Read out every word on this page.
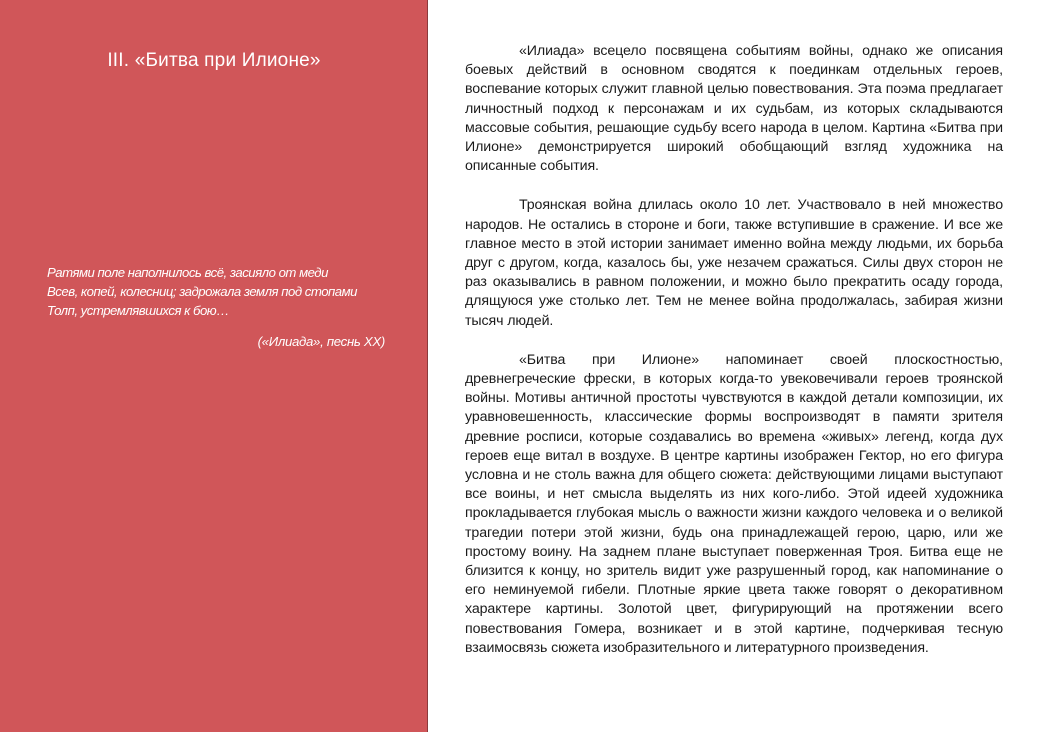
III. «Битва при Илионе»

Ратями поле наполнилось всё, засияло от меди
Всев, копей, колесниц; задрожала земля под стопами
Толп, устремлявшихся к бою…

(«Илиада», песнь XX)

«Илиада» всецело посвящена событиям войны, однако же описания боевых действий в основном сводятся к поединкам отдельных героев, воспевание которых служит главной целью повествования. Эта поэма предлагает личностный подход к персонажам и их судьбам, из которых складываются массовые события, решающие судьбу всего народа в целом. Картина «Битва при Илионе» демонстрируется широкий обобщающий взгляд художника на описанные события.

Троянская война длилась около 10 лет. Участвовало в ней множество народов. Не остались в стороне и боги, также вступившие в сражение. И все же главное место в этой истории занимает именно война между людьми, их борьба друг с другом, когда, казалось бы, уже незачем сражаться. Силы двух сторон не раз оказывались в равном положении, и можно было прекратить осаду города, длящуюся уже столько лет. Тем не менее война продолжалась, забирая жизни тысяч людей.

«Битва при Илионе» напоминает своей плоскостностью, древнегреческие фрески, в которых когда-то увековечивали героев троянской войны. Мотивы античной простоты чувствуются в каждой детали композиции, их уравновешенность, классические формы воспроизводят в памяти зрителя древние росписи, которые создавались во времена «живых» легенд, когда дух героев еще витал в воздухе. В центре картины изображен Гектор, но его фигура условна и не столь важна для общего сюжета: действующими лицами выступают все воины, и нет смысла выделять из них кого-либо. Этой идеей художника прокладывается глубокая мысль о важности жизни каждого человека и о великой трагедии потери этой жизни, будь она принадлежащей герою, царю, или же простому воину. На заднем плане выступает поверженная Троя. Битва еще не близится к концу, но зритель видит уже разрушенный город, как напоминание о его неминуемой гибели. Плотные яркие цвета также говорят о декоративном характере картины. Золотой цвет, фигурирующий на протяжении всего повествования Гомера, возникает и в этой картине, подчеркивая тесную взаимосвязь сюжета изобразительного и литературного произведения.
